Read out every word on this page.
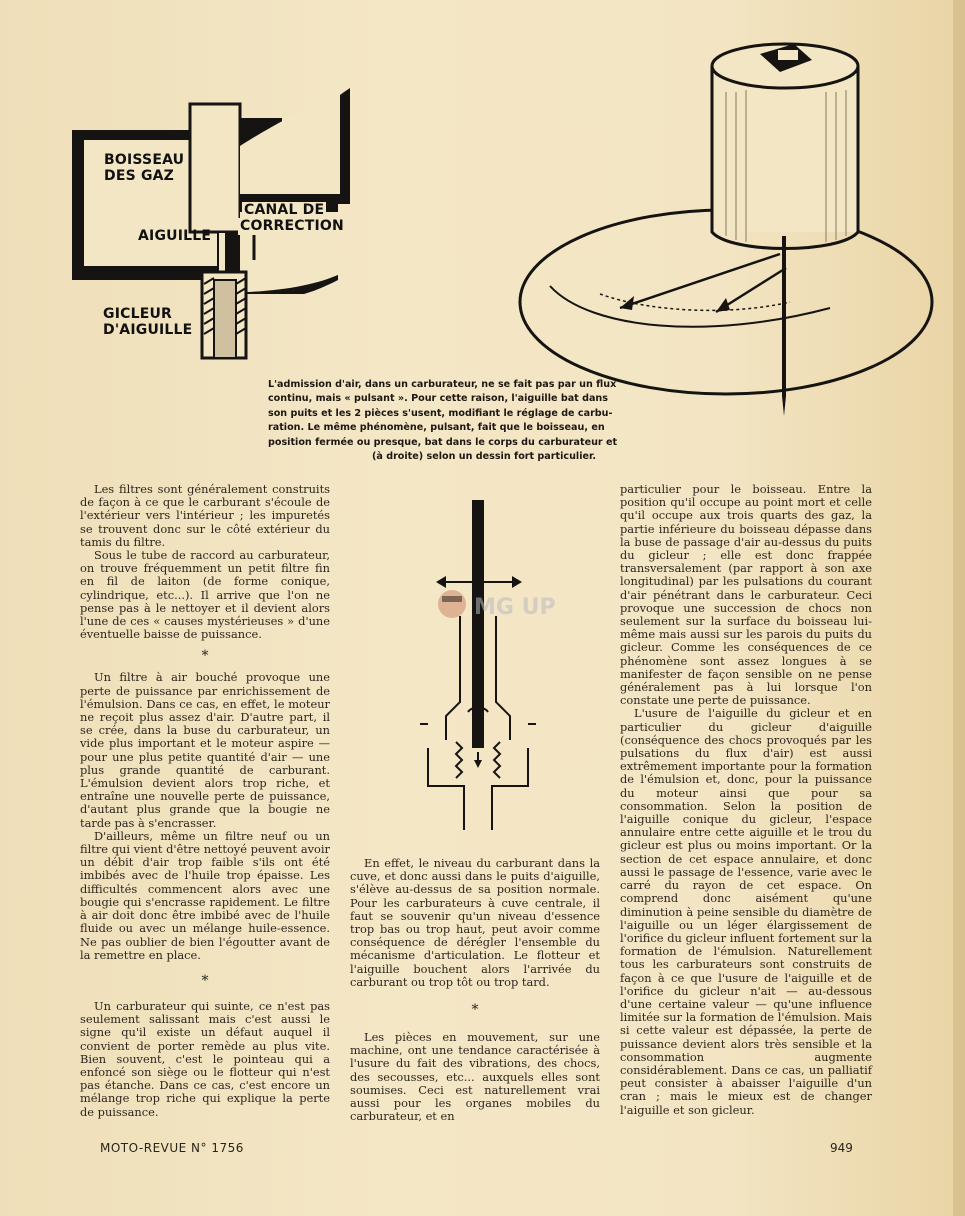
BOISSEAU
DES GAZ
CANAL DE
CORRECTION
AIGUILLE
GICLEUR
D'AIGUILLE

L'admission d'air, dans un carburateur, ne se fait pas par un flux

continu, mais « pulsant ». Pour cette raison, l'aiguille bat dans

son puits et les 2 pièces s'usent, modifiant le réglage de carbu-

ration. Le même phénomène, pulsant, fait que le boisseau, en

position fermée ou presque, bat dans le corps du carburateur et

(à droite) selon un dessin fort particulier.

Les filtres sont généralement construits de façon à ce que le carburant s'écoule de l'extérieur vers l'intérieur ; les impuretés se trouvent donc sur le côté extérieur du tamis du filtre.

Sous le tube de raccord au carburateur, on trouve fréquemment un petit filtre fin en fil de laiton (de forme conique, cylindrique, etc...). Il arrive que l'on ne pense pas à le nettoyer et il devient alors l'une de ces « causes mystérieuses » d'une éventuelle baisse de puissance.

*

Un filtre à air bouché provoque une perte de puissance par enrichissement de l'émulsion. Dans ce cas, en effet, le moteur ne reçoit plus assez d'air. D'autre part, il se crée, dans la buse du carburateur, un vide plus important et le moteur aspire — pour une plus petite quantité d'air — une plus grande quantité de carburant. L'émulsion devient alors trop riche, et entraîne une nouvelle perte de puissance, d'autant plus grande que la bougie ne tarde pas à s'encrasser.

D'ailleurs, même un filtre neuf ou un filtre qui vient d'être nettoyé peuvent avoir un débit d'air trop faible s'ils ont été imbibés avec de l'huile trop épaisse. Les difficultés commencent alors avec une bougie qui s'encrasse rapidement. Le filtre à air doit donc être imbibé avec de l'huile fluide ou avec un mélange huile-essence. Ne pas oublier de bien l'égoutter avant de la remettre en place.

*

Un carburateur qui suinte, ce n'est pas seulement salissant mais c'est aussi le signe qu'il existe un défaut auquel il convient de porter remède au plus vite. Bien souvent, c'est le pointeau qui a enfoncé son siège ou le flotteur qui n'est pas étanche. Dans ce cas, c'est encore un mélange trop riche qui explique la perte de puissance.

MG UP

En effet, le niveau du carburant dans la cuve, et donc aussi dans le puits d'aiguille, s'élève au-dessus de sa position normale. Pour les carburateurs à cuve centrale, il faut se souvenir qu'un niveau d'essence trop bas ou trop haut, peut avoir comme conséquence de dérégler l'ensemble du mécanisme d'articulation. Le flotteur et l'aiguille bouchent alors l'arrivée du carburant ou trop tôt ou trop tard.

*

Les pièces en mouvement, sur une machine, ont une tendance caractérisée à l'usure du fait des vibrations, des chocs, des secousses, etc... auxquels elles sont soumises. Ceci est naturellement vrai aussi pour les organes mobiles du carburateur, et en

particulier pour le boisseau. Entre la position qu'il occupe au point mort et celle qu'il occupe aux trois quarts des gaz, la partie inférieure du boisseau dépasse dans la buse de passage d'air au-dessus du puits du gicleur ; elle est donc frappée transversalement (par rapport à son axe longitudinal) par les pulsations du courant d'air pénétrant dans le carburateur. Ceci provoque une succession de chocs non seulement sur la surface du boisseau lui-même mais aussi sur les parois du puits du gicleur. Comme les conséquences de ce phénomène sont assez longues à se manifester de façon sensible on ne pense généralement pas à lui lorsque l'on constate une perte de puissance.

L'usure de l'aiguille du gicleur et en particulier du gicleur d'aiguille (conséquence des chocs provoqués par les pulsations du flux d'air) est aussi extrêmement importante pour la formation de l'émulsion et, donc, pour la puissance du moteur ainsi que pour sa consommation. Selon la position de l'aiguille conique du gicleur, l'espace annulaire entre cette aiguille et le trou du gicleur est plus ou moins important. Or la section de cet espace annulaire, et donc aussi le passage de l'essence, varie avec le carré du rayon de cet espace. On comprend donc aisément qu'une diminution à peine sensible du diamètre de l'aiguille ou un léger élargissement de l'orifice du gicleur influent fortement sur la formation de l'émulsion. Naturellement tous les carburateurs sont construits de façon à ce que l'usure de l'aiguille et de l'orifice du gicleur n'ait — au-dessous d'une certaine valeur — qu'une influence limitée sur la formation de l'émulsion. Mais si cette valeur est dépassée, la perte de puissance devient alors très sensible et la consommation augmente considérablement. Dans ce cas, un palliatif peut consister à abaisser l'aiguille d'un cran ; mais le mieux est de changer l'aiguille et son gicleur.

MOTO-REVUE N° 1756	949
